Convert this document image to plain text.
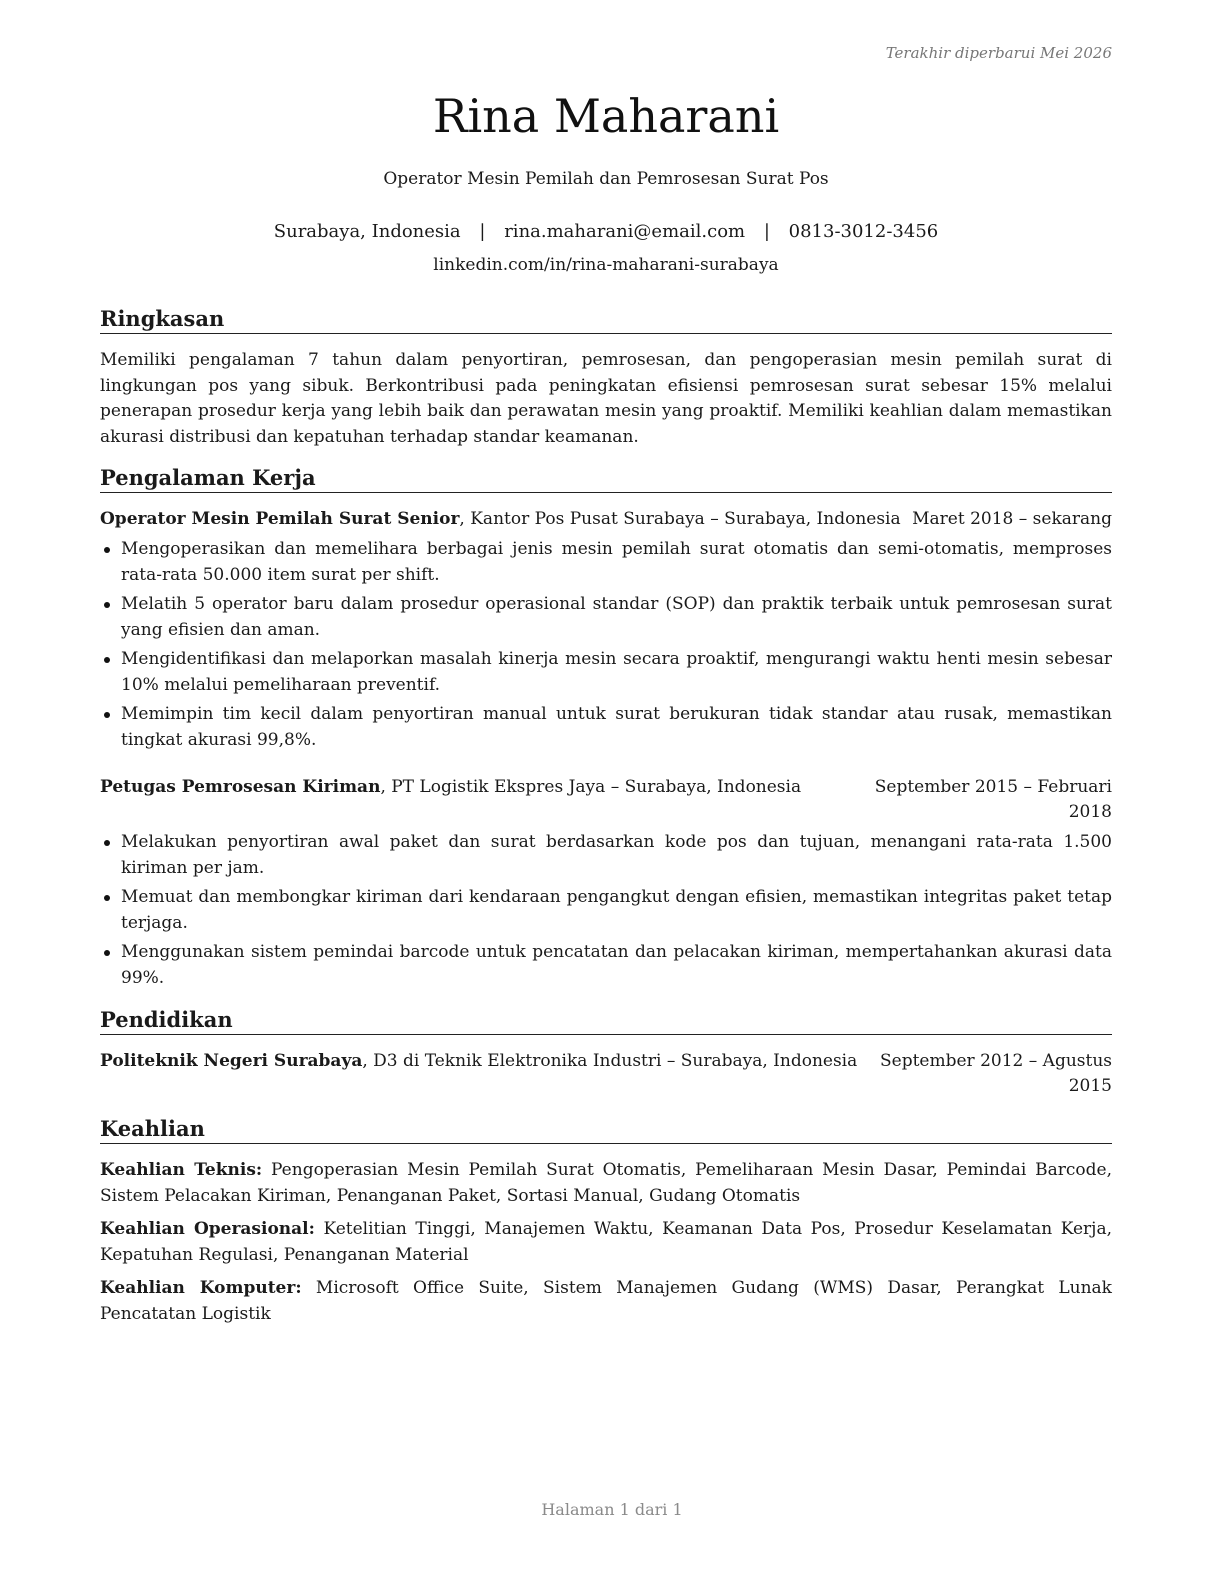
Terakhir diperbarui Mei 2026
Rina Maharani
Operator Mesin Pemilah dan Pemrosesan Surat Pos
Surabaya, Indonesia | rina.maharani@email.com | 0813-3012-3456
linkedin.com/in/rina-maharani-surabaya
Ringkasan
Memiliki pengalaman 7 tahun dalam penyortiran, pemrosesan, dan pengoperasian mesin pemilah surat di lingkungan pos yang sibuk. Berkontribusi pada peningkatan efisiensi pemrosesan surat sebesar 15% melalui penerapan prosedur kerja yang lebih baik dan perawatan mesin yang proaktif. Memiliki keahlian dalam memastikan akurasi distribusi dan kepatuhan terhadap standar keamanan.
Pengalaman Kerja
Operator Mesin Pemilah Surat Senior, Kantor Pos Pusat Surabaya – Surabaya, Indonesia Maret 2018 – sekarang
Mengoperasikan dan memelihara berbagai jenis mesin pemilah surat otomatis dan semi-otomatis, memproses rata-rata 50.000 item surat per shift.
Melatih 5 operator baru dalam prosedur operasional standar (SOP) dan praktik terbaik untuk pemrosesan surat yang efisien dan aman.
Mengidentifikasi dan melaporkan masalah kinerja mesin secara proaktif, mengurangi waktu henti mesin sebesar 10% melalui pemeliharaan preventif.
Memimpin tim kecil dalam penyortiran manual untuk surat berukuran tidak standar atau rusak, memastikan tingkat akurasi 99,8%.
Petugas Pemrosesan Kiriman, PT Logistik Ekspres Jaya – Surabaya, Indonesia	September 2015 – Februari 2018
Melakukan penyortiran awal paket dan surat berdasarkan kode pos dan tujuan, menangani rata-rata 1.500 kiriman per jam.
Memuat dan membongkar kiriman dari kendaraan pengangkut dengan efisien, memastikan integritas paket tetap terjaga.
Menggunakan sistem pemindai barcode untuk pencatatan dan pelacakan kiriman, mempertahankan akurasi data 99%.
Pendidikan
Politeknik Negeri Surabaya, D3 di Teknik Elektronika Industri – Surabaya, Indonesia	September 2012 – Agustus 2015
Keahlian
Keahlian Teknis: Pengoperasian Mesin Pemilah Surat Otomatis, Pemeliharaan Mesin Dasar, Pemindai Barcode, Sistem Pelacakan Kiriman, Penanganan Paket, Sortasi Manual, Gudang Otomatis
Keahlian Operasional: Ketelitian Tinggi, Manajemen Waktu, Keamanan Data Pos, Prosedur Keselamatan Kerja, Kepatuhan Regulasi, Penanganan Material
Keahlian Komputer: Microsoft Office Suite, Sistem Manajemen Gudang (WMS) Dasar, Perangkat Lunak Pencatatan Logistik
Halaman 1 dari 1
